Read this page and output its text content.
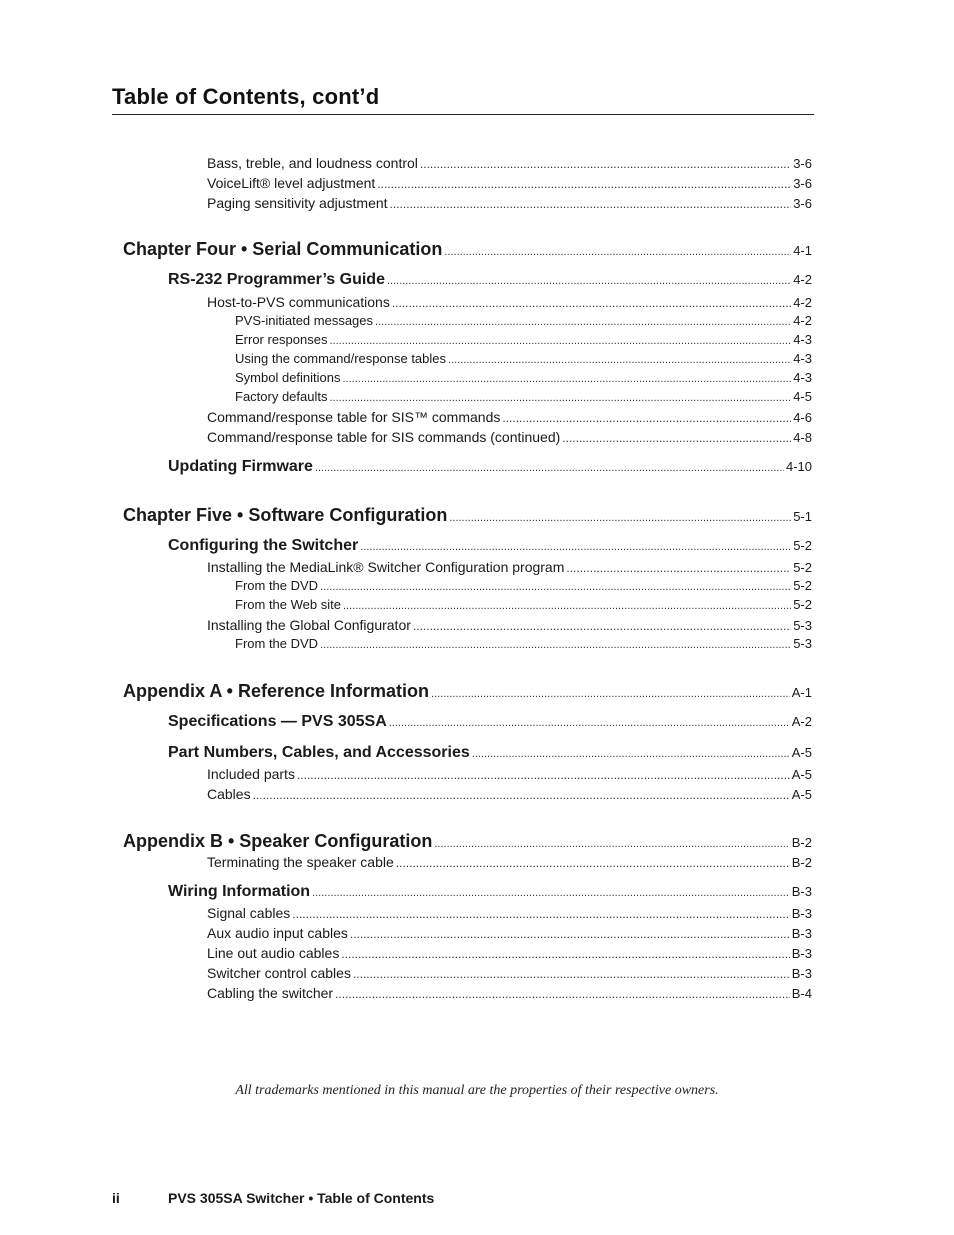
Table of Contents, cont’d
Bass, treble, and loudness control .....	3-6
VoiceLift® level adjustment .....	3-6
Paging sensitivity adjustment .....	3-6
Chapter Four • Serial Communication .....	4-1
RS-232 Programmer’s Guide .....	4-2
Host-to-PVS communications .....	4-2
PVS-initiated messages .....	4-2
Error responses .....	4-3
Using the command/response tables .....	4-3
Symbol definitions .....	4-3
Factory defaults .....	4-5
Command/response table for SIS™ commands .....	4-6
Command/response table for SIS commands (continued) .....	4-8
Updating Firmware .....	4-10
Chapter Five • Software Configuration .....	5-1
Configuring the Switcher .....	5-2
Installing the MediaLink® Switcher Configuration program .....	5-2
From the DVD .....	5-2
From the Web site .....	5-2
Installing the Global Configurator .....	5-3
From the DVD .....	5-3
Appendix A • Reference Information .....	A-1
Specifications — PVS 305SA .....	A-2
Part Numbers, Cables, and Accessories .....	A-5
Included parts .....	A-5
Cables .....	A-5
Appendix B • Speaker Configuration .....	B-2
Terminating the speaker cable .....	B-2
Wiring Information .....	B-3
Signal cables .....	B-3
Aux audio input cables .....	B-3
Line out audio cables .....	B-3
Switcher control cables .....	B-3
Cabling the switcher .....	B-4
All trademarks mentioned in this manual are the properties of their respective owners.
ii	PVS 305SA Switcher • Table of Contents
